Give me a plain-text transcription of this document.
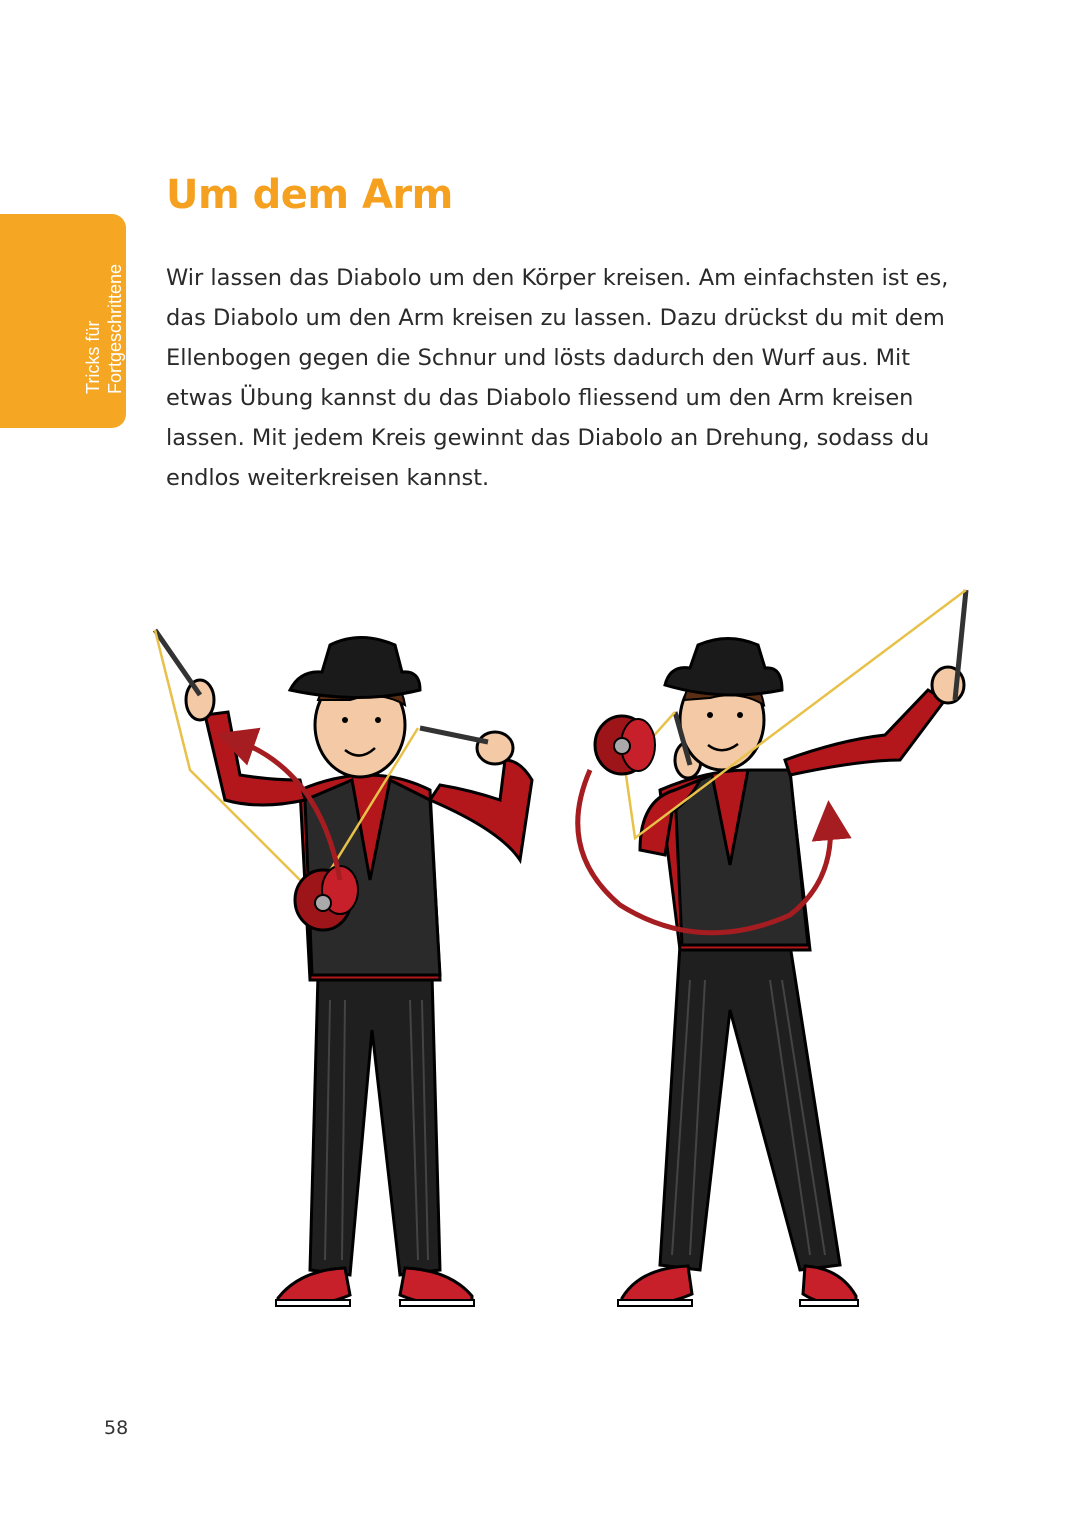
Tricks für Fortgeschrittene
Um dem Arm
Wir lassen das Diabolo um den Körper kreisen. Am einfachsten ist es,
das Diabolo um den Arm kreisen zu lassen. Dazu drückst du mit dem
Ellenbogen gegen die Schnur und lösts dadurch den Wurf aus. Mit
etwas Übung kannst du das Diabolo fliessend um den Arm kreisen
lassen. Mit jedem Kreis gewinnt das Diabolo an Drehung, sodass du
endlos weiterkreisen kannst.
58
